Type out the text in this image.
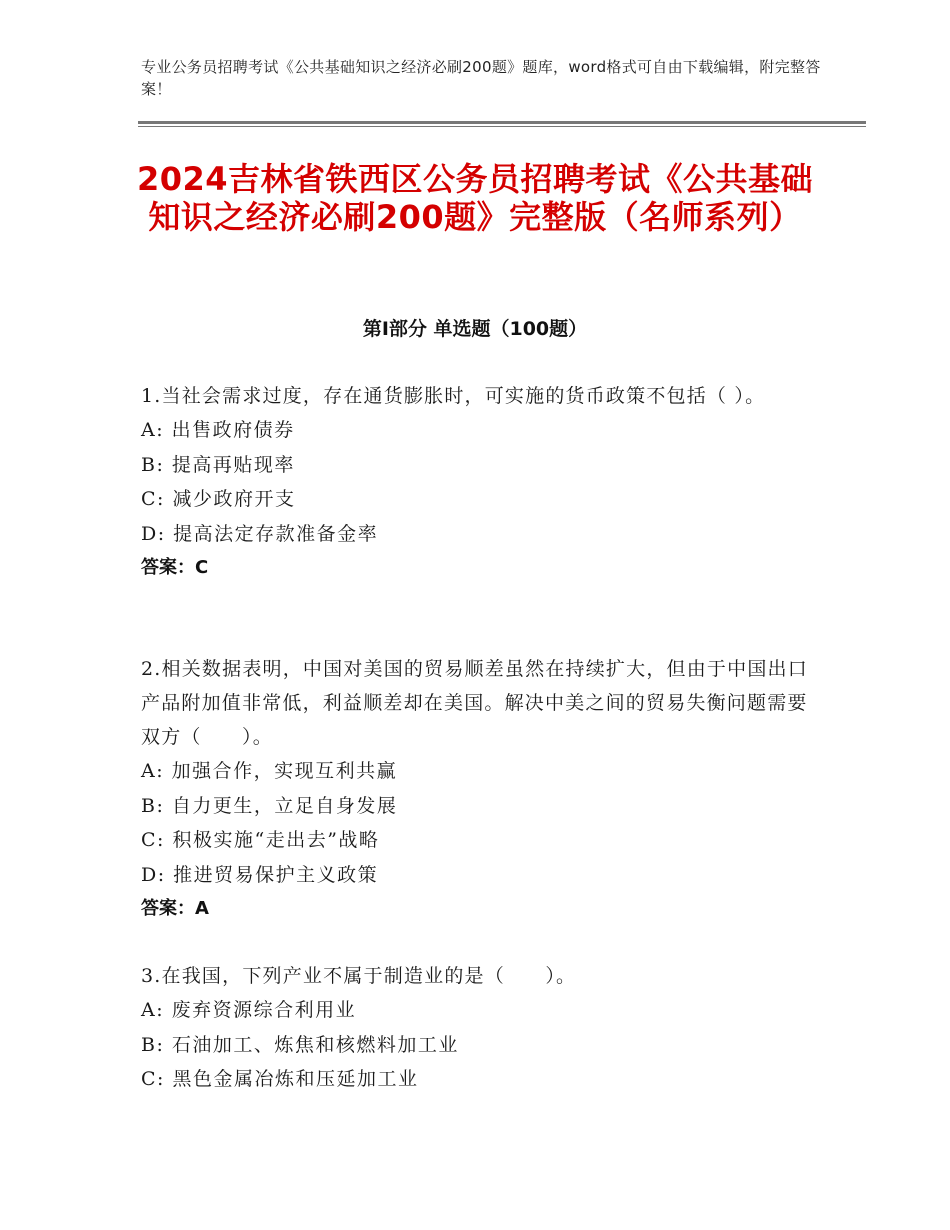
专业公务员招聘考试《公共基础知识之经济必刷200题》题库，word格式可自由下载编辑，附完整答案！
2024吉林省铁西区公务员招聘考试《公共基础知识之经济必刷200题》完整版（名师系列）
第Ⅰ部分 单选题（100题）

1.当社会需求过度，存在通货膨胀时，可实施的货币政策不包括（ ）。

A: 出售政府债券

B: 提高再贴现率

C: 减少政府开支

D: 提高法定存款准备金率

答案：C

2.相关数据表明，中国对美国的贸易顺差虽然在持续扩大，但由于中国出口产品附加值非常低，利益顺差却在美国。解决中美之间的贸易失衡问题需要双方（　　）。

A: 加强合作，实现互利共赢

B: 自力更生，立足自身发展

C: 积极实施“走出去”战略

D: 推进贸易保护主义政策

答案：A

3.在我国，下列产业不属于制造业的是（　　）。

A: 废弃资源综合利用业

B: 石油加工、炼焦和核燃料加工业

C: 黑色金属冶炼和压延加工业
